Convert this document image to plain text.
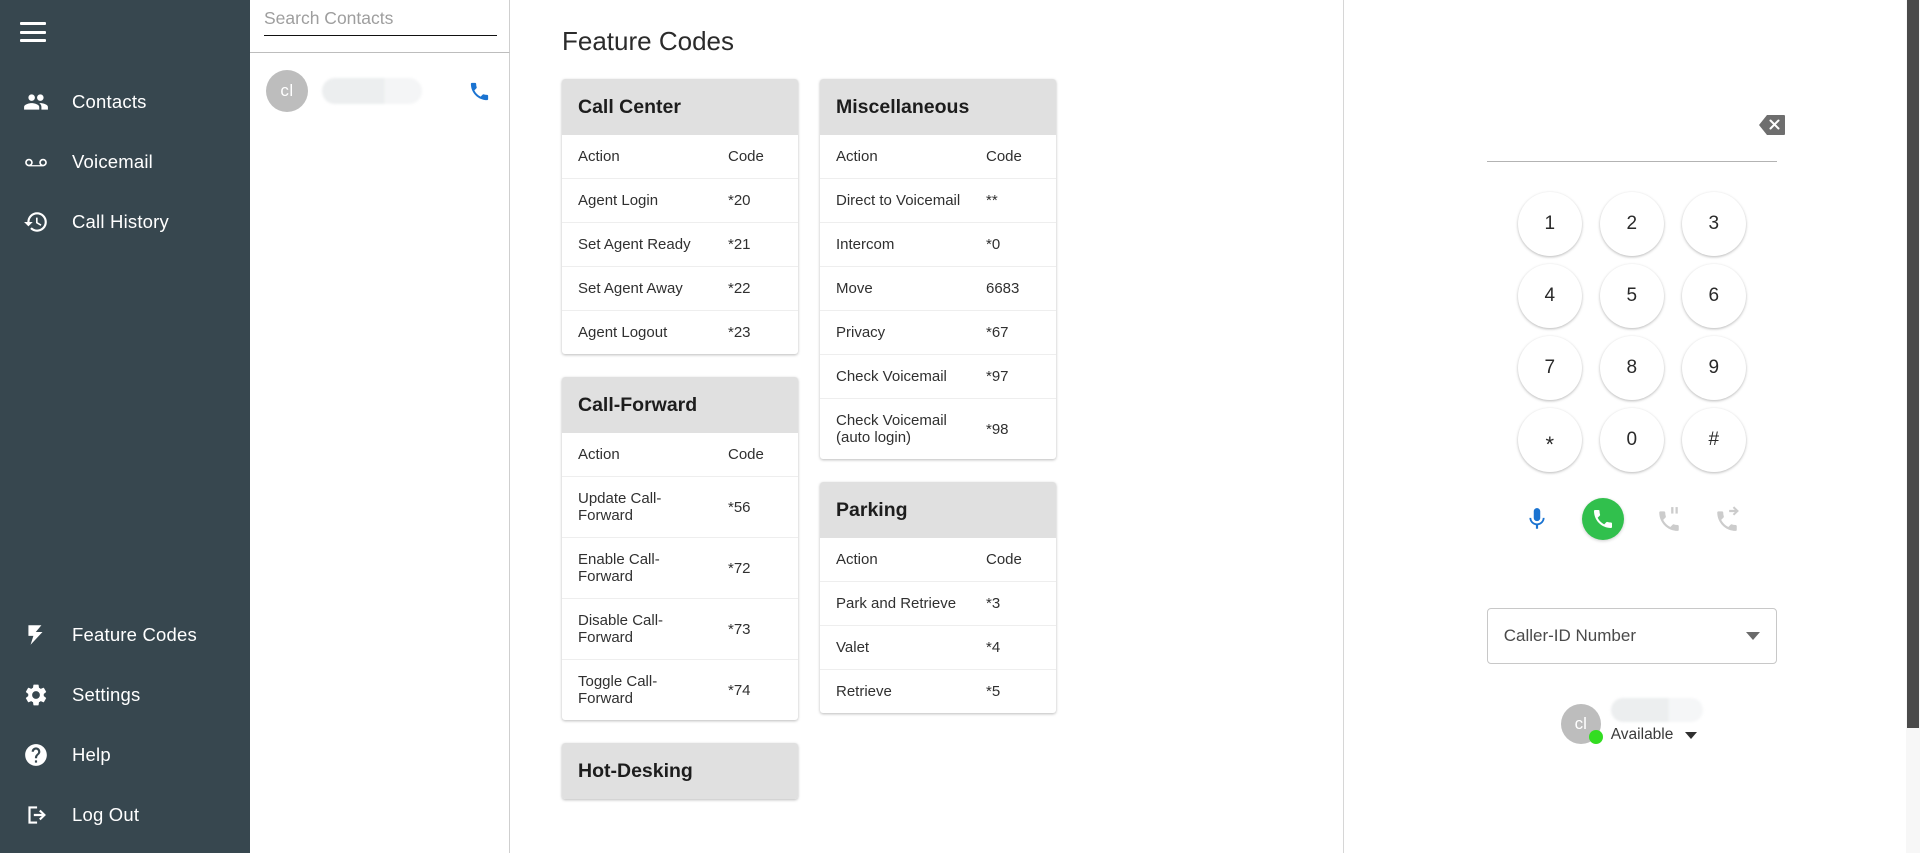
Contacts
Voicemail
Call History
Feature Codes
Settings
Help
Log Out
Search Contacts
cl
Feature Codes
Call Center
Action	Code
Agent Login	*20
Set Agent Ready	*21
Set Agent Away	*22
Agent Logout	*23
Call-Forward
Action	Code
Update Call-Forward	*56
Enable Call-Forward	*72
Disable Call-Forward	*73
Toggle Call-Forward	*74
Hot-Desking
Miscellaneous
Action	Code
Direct to Voicemail	**
Intercom	*0
Move	6683
Privacy	*67
Check Voicemail	*97
Check Voicemail (auto login)	*98
Parking
Action	Code
Park and Retrieve	*3
Valet	*4
Retrieve	*5
1	2	3
4	5	6
7	8	9
*	0	#
Caller-ID Number
cl
Available
